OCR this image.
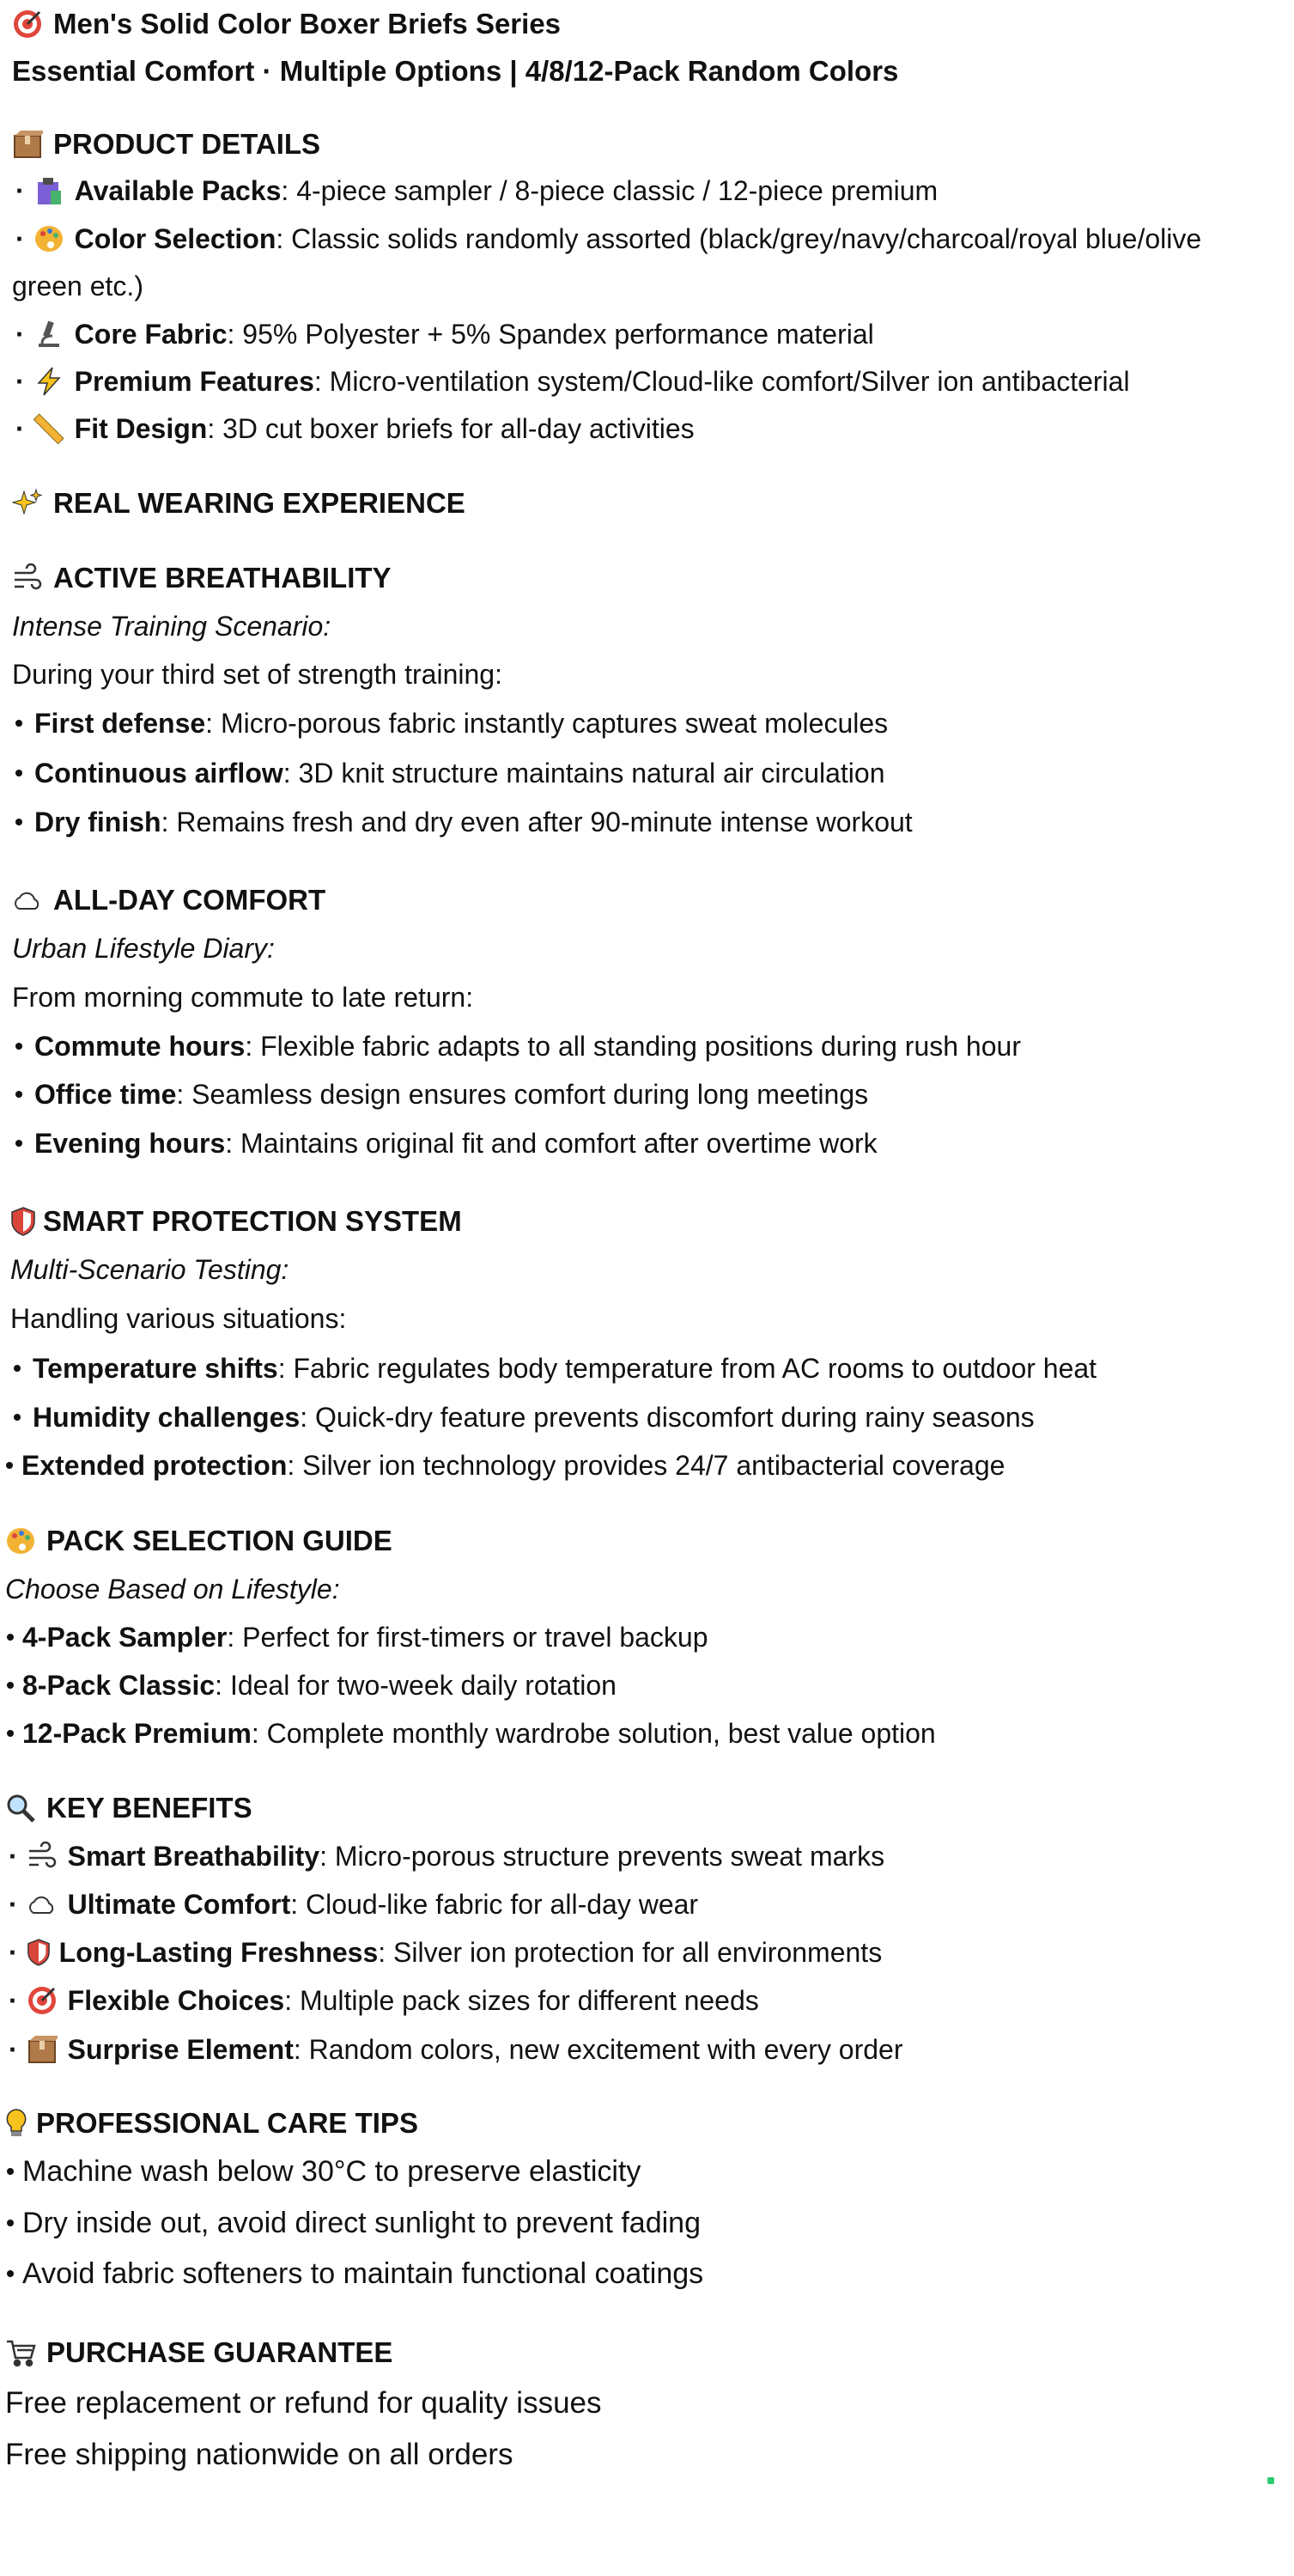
Men's Solid Color Boxer Briefs Series
Essential Comfort · Multiple Options | 4/8/12-Pack Random Colors
PRODUCT DETAILS
· Available Packs : 4-piece sampler / 8-piece classic / 12-piece premium
· Color Selection : Classic solids randomly assorted (black/grey/navy/charcoal/royal blue/olive
green etc.)
· Core Fabric : 95% Polyester + 5% Spandex performance material
· Premium Features : Micro-ventilation system/Cloud-like comfort/Silver ion antibacterial
· Fit Design : 3D cut boxer briefs for all-day activities
REAL WEARING EXPERIENCE
ACTIVE BREATHABILITY
Intense Training Scenario:
During your third set of strength training:
First defense : Micro-porous fabric instantly captures sweat molecules
Continuous airflow : 3D knit structure maintains natural air circulation
Dry finish : Remains fresh and dry even after 90-minute intense workout
ALL-DAY COMFORT
Urban Lifestyle Diary:
From morning commute to late return:
Commute hours : Flexible fabric adapts to all standing positions during rush hour
Office time : Seamless design ensures comfort during long meetings
Evening hours : Maintains original fit and comfort after overtime work
SMART PROTECTION SYSTEM
Multi-Scenario Testing:
Handling various situations:
Temperature shifts : Fabric regulates body temperature from AC rooms to outdoor heat
Humidity challenges : Quick-dry feature prevents discomfort during rainy seasons
Extended protection : Silver ion technology provides 24/7 antibacterial coverage
PACK SELECTION GUIDE
Choose Based on Lifestyle:
4-Pack Sampler : Perfect for first-timers or travel backup
8-Pack Classic : Ideal for two-week daily rotation
12-Pack Premium : Complete monthly wardrobe solution, best value option
KEY BENEFITS
· Smart Breathability : Micro-porous structure prevents sweat marks
· Ultimate Comfort : Cloud-like fabric for all-day wear
· Long-Lasting Freshness : Silver ion protection for all environments
· Flexible Choices : Multiple pack sizes for different needs
· Surprise Element : Random colors, new excitement with every order
PROFESSIONAL CARE TIPS
Machine wash below 30°C to preserve elasticity
Dry inside out, avoid direct sunlight to prevent fading
Avoid fabric softeners to maintain functional coatings
PURCHASE GUARANTEE
Free replacement or refund for quality issues
Free shipping nationwide on all orders
